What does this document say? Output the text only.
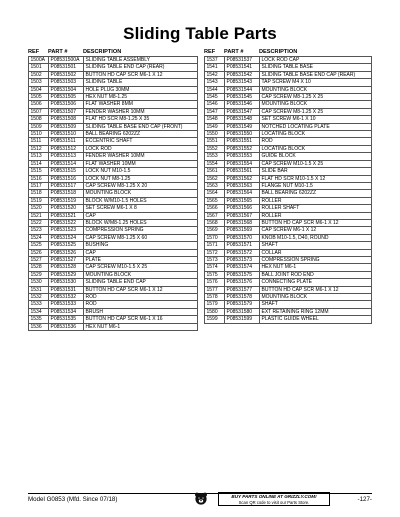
Sliding Table Parts
REF	PART #	DESCRIPTION
1500A	P08531500A	SLIDING TABLE ASSEMBLY
1501	P08531501	SLIDING TABLE END CAP (REAR)
1502	P08531502	BUTTON HD CAP SCR M6-1 X 12
1503	P08531503	SLIDING TABLE
1504	P08531504	HOLE PLUG 30MM
1505	P08531505	HEX NUT M8-1.25
1506	P08531506	FLAT WASHER 8MM
1507	P08531507	FENDER WASHER 10MM
1508	P08531508	FLAT HD SCR M8-1.25 X 35
1509	P08531509	SLIDING TABLE BASE END CAP (FRONT)
1510	P08531510	BALL BEARING 6202ZZ
1511	P08531511	ECCENTRIC SHAFT
1512	P08531512	LOCK ROD
1513	P08531513	FENDER WASHER 10MM
1514	P08531514	FLAT WASHER 10MM
1515	P08531515	LOCK NUT M10-1.5
1516	P08531516	LOCK NUT M8-1.25
1517	P08531517	CAP SCREW M8-1.25 X 20
1518	P08531518	MOUNTING BLOCK
1519	P08531519	BLOCK W/M10-1.5 HOLES
1520	P08531520	SET SCREW M6-1 X 8
1521	P08531521	CAP
1522	P08531522	BLOCK W/M8-1.25 HOLES
1523	P08531523	COMPRESSION SPRING
1524	P08531524	CAP SCREW M8-1.25 X 60
1525	P08531525	BUSHING
1526	P08531526	CAP
1527	P08531527	PLATE
1528	P08531528	CAP SCREW M10-1.5 X 25
1529	P08531529	MOUNTING BLOCK
1530	P08531530	SLIDING TABLE END CAP
1531	P08531531	BUTTON HD CAP SCR M6-1 X 12
1532	P08531532	ROD
1533	P08531533	ROD
1534	P08531534	BRUSH
1535	P08531535	BUTTON HD CAP SCR M6-1 X 16
1536	P08531536	HEX NUT M6-1
REF	PART #	DESCRIPTION
1537	P08531537	LOCK ROD CAP
1541	P08531541	SLIDING TABLE BASE
1542	P08531542	SLIDING TABLE BASE END CAP (REAR)
1543	P08531543	TAP SCREW M4 X 10
1544	P08531544	MOUNTING BLOCK
1545	P08531545	CAP SCREW M8-1.25 X 25
1546	P08531546	MOUNTING BLOCK
1547	P08531547	CAP SCREW M8-1.25 X 25
1548	P08531548	SET SCREW M6-1 X 10
1549	P08531549	NOTCHED LOCATING PLATE
1550	P08531550	LOCATING BLOCK
1551	P08531551	ROD
1552	P08531552	LOCATING BLOCK
1553	P08531553	GUIDE BLOCK
1554	P08531554	CAP SCREW M10-1.5 X 25
1561	P08531561	SLIDE BAR
1562	P08531562	FLAT HD SCR M10-1.5 X 12
1563	P08531563	FLANGE NUT M10-1.5
1564	P08531564	BALL BEARING 6202ZZ
1565	P08531565	ROLLER
1566	P08531566	ROLLER SHAFT
1567	P08531567	ROLLER
1568	P08531568	BUTTON HD CAP SCR M6-1 X 12
1569	P08531569	CAP SCREW M6-1 X 12
1570	P08531570	KNOB M10-1.5, D40, ROUND
1571	P08531571	SHAFT
1572	P08531572	COLLAR
1573	P08531573	COMPRESSION SPRING
1574	P08531574	HEX NUT M6-1
1575	P08531575	BALL JOINT ROD END
1576	P08531576	CONNECTING PLATE
1577	P08531577	BUTTON HD CAP SCR M6-1 X 12
1578	P08531578	MOUNTING BLOCK
1579	P08531579	SHAFT
1580	P08531580	EXT RETAINING RING 12MM
1599	P08531599	PLASTIC GUIDE WHEEL
Model G0853 (Mfd. Since 07/18)	BUY PARTS ONLINE AT GRIZZLY.COM!
Scan QR code to visit our Parts Store.	-127-
